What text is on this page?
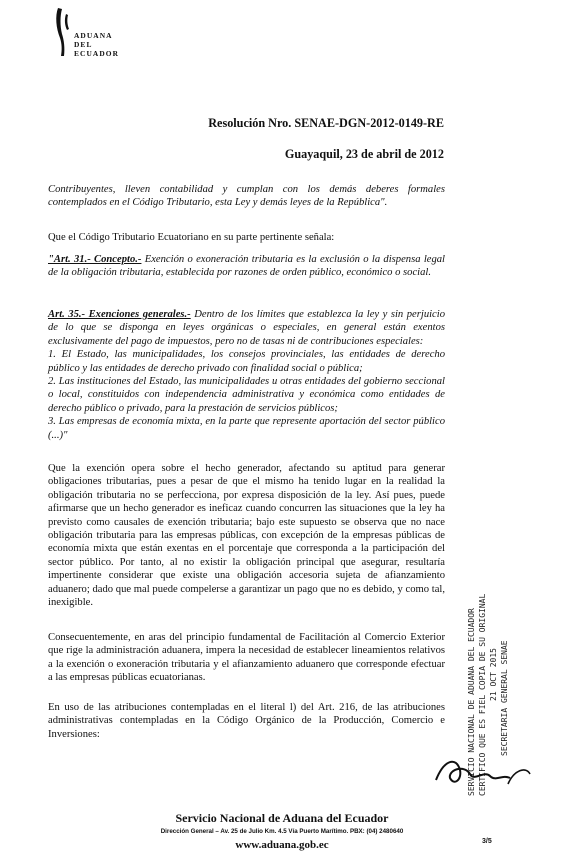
ADUANA
DEL
ECUADOR
Resolución Nro. SENAE-DGN-2012-0149-RE
Guayaquil, 23 de abril de 2012

Contribuyentes, lleven contabilidad y cumplan con los demás deberes formales contemplados en el Código Tributario, esta Ley y demás leyes de la República".

Que el Código Tributario Ecuatoriano en su parte pertinente señala:

"Art. 31.- Concepto.- Exención o exoneración tributaria es la exclusión o la dispensa legal de la obligación tributaria, establecida por razones de orden público, económico o social.

Art. 35.- Exenciones generales.- Dentro de los límites que establezca la ley y sin perjuicio de lo que se disponga en leyes orgánicas o especiales, en general están exentos exclusivamente del pago de impuestos, pero no de tasas ni de contribuciones especiales:

1. El Estado, las municipalidades, los consejos provinciales, las entidades de derecho público y las entidades de derecho privado con finalidad social o pública;

2. Las instituciones del Estado, las municipalidades u otras entidades del gobierno seccional o local, constituidos con independencia administrativa y económica como entidades de derecho público o privado, para la prestación de servicios públicos;

3. Las empresas de economía mixta, en la parte que represente aportación del sector público (...)"

Que la exención opera sobre el hecho generador, afectando su aptitud para generar obligaciones tributarias, pues a pesar de que el mismo ha tenido lugar en la realidad la obligación tributaria no se perfecciona, por expresa disposición de la ley. Así pues, puede afirmarse que un hecho generador es ineficaz cuando concurren las situaciones que la ley ha previsto como causales de exención tributaria; bajo este supuesto se observa que no nace obligación tributaria para las empresas públicas, con excepción de la empresas públicas de economía mixta que están exentas en el porcentaje que corresponda a la participación del sector público. Por tanto, al no existir la obligación principal que asegurar, resultaría impertinente considerar que existe una obligación accesoria sujeta de afianzamiento aduanero; dado que mal puede compelerse a garantizar un pago que no es debido, y como tal, inexigible.

Consecuentemente, en aras del principio fundamental de Facilitación al Comercio Exterior que rige la administración aduanera, impera la necesidad de establecer lineamientos relativos a la exención o exoneración tributaria y el afianzamiento aduanero que corresponde efectuar a las empresas públicas ecuatorianas.

En uso de las atribuciones contempladas en el literal l) del Art. 216, de las atribuciones administrativas contempladas en la Código Orgánico de la Producción, Comercio e Inversiones:	SERVICIO NACIONAL DE ADUANA DEL ECUADOR CERTIFICO QUE ES FIEL COPIA DE SU ORIGINAL 21 OCT 2015 SECRETARIA GENERAL SENAE
Servicio Nacional de Aduana del Ecuador
Dirección General – Av. 25 de Julio Km. 4.5 Vía Puerto Marítimo. PBX: (04) 2480640
www.aduana.gob.ec	3/5
